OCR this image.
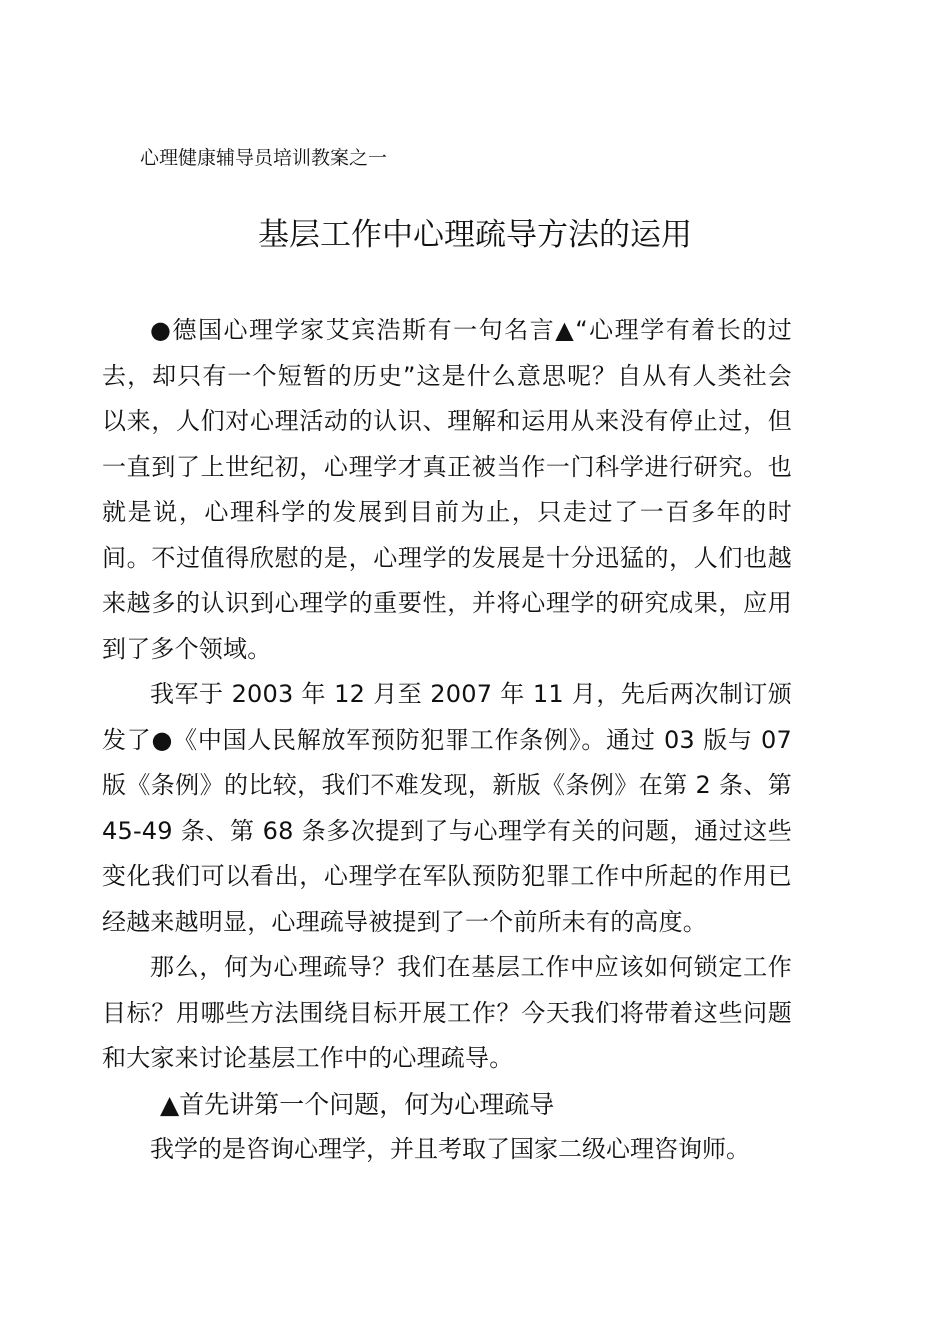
心理健康辅导员培训教案之一
基层工作中心理疏导方法的运用

●德国心理学家艾宾浩斯有一句名言▲“心理学有着长的过去，却只有一个短暂的历史”这是什么意思呢？自从有人类社会以来，人们对心理活动的认识、理解和运用从来没有停止过，但一直到了上世纪初，心理学才真正被当作一门科学进行研究。也就是说，心理科学的发展到目前为止，只走过了一百多年的时间。不过值得欣慰的是，心理学的发展是十分迅猛的，人们也越来越多的认识到心理学的重要性，并将心理学的研究成果，应用到了多个领域。

我军于 2003 年 12 月至 2007 年 11 月，先后两次制订颁发了●《中国人民解放军预防犯罪工作条例》。通过 03 版与 07 版《条例》的比较，我们不难发现，新版《条例》在第 2 条、第 45-49 条、第 68 条多次提到了与心理学有关的问题，通过这些变化我们可以看出，心理学在军队预防犯罪工作中所起的作用已经越来越明显，心理疏导被提到了一个前所未有的高度。

那么，何为心理疏导？我们在基层工作中应该如何锁定工作目标？用哪些方法围绕目标开展工作？今天我们将带着这些问题和大家来讨论基层工作中的心理疏导。

▲首先讲第一个问题，何为心理疏导

我学的是咨询心理学，并且考取了国家二级心理咨询师。
